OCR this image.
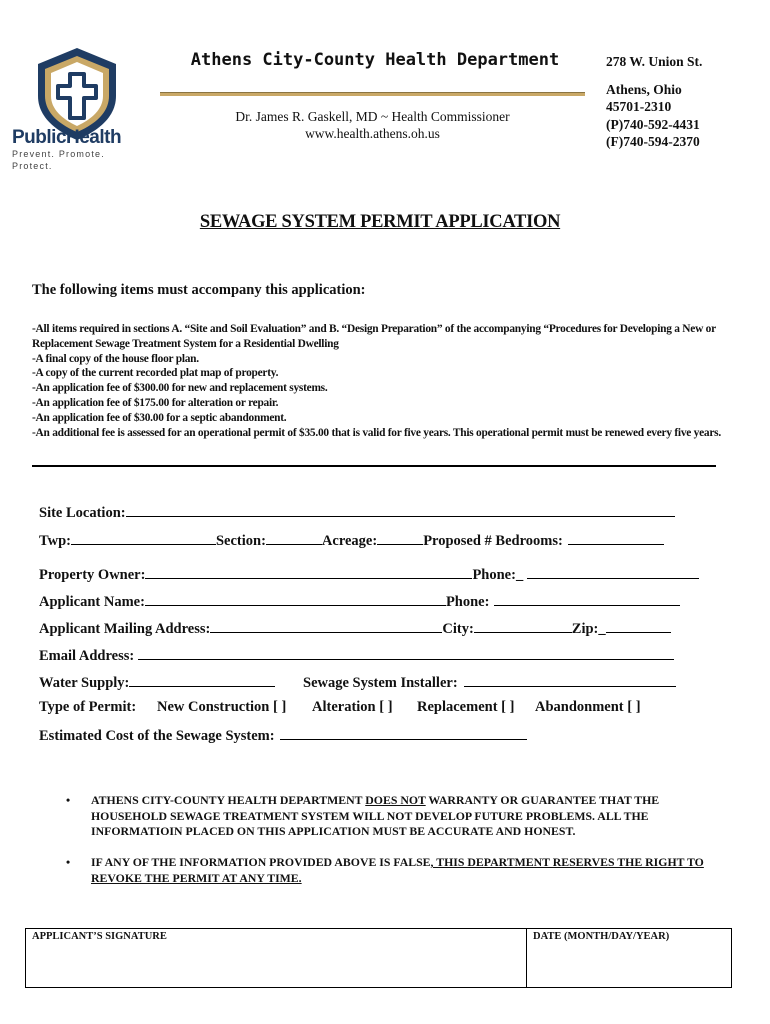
PublicHealth
Prevent. Promote. Protect.
Athens City-County Health Department
Dr. James R. Gaskell, MD ~ Health Commissioner
www.health.athens.oh.us
278 W. Union St.
Athens, Ohio
45701-2310
(P)740-592-4431
(F)740-594-2370
SEWAGE SYSTEM PERMIT APPLICATION
The following items must accompany this application:
-All items required in sections A. “Site and Soil Evaluation” and B. “Design Preparation” of the accompanying “Procedures for Developing a New or Replacement Sewage Treatment System for a Residential Dwelling
-A final copy of the house floor plan.
-A copy of the current recorded plat map of property.
-An application fee of $300.00 for new and replacement systems.
-An application fee of $175.00 for alteration or repair.
-An application fee of $30.00 for a septic abandonment.
-An additional fee is assessed for an operational permit of $35.00 that is valid for five years. This operational permit must be renewed every five years.
Site Location:
Twp:	Section:	Acreage:	Proposed # Bedrooms:
Property Owner:	Phone:_
Applicant Name:	Phone:
Applicant Mailing Address:	City:	Zip:_
Email Address:
Water Supply:	Sewage System Installer:
Type of Permit: New Construction [ ] Alteration [ ] Replacement [ ] Abandonment [ ]
Estimated Cost of the Sewage System:
• ATHENS CITY-COUNTY HEALTH DEPARTMENT DOES NOT WARRANTY OR GUARANTEE THAT THE HOUSEHOLD SEWAGE TREATMENT SYSTEM WILL NOT DEVELOP FUTURE PROBLEMS. ALL THE INFORMATIOIN PLACED ON THIS APPLICATION MUST BE ACCURATE AND HONEST.
• IF ANY OF THE INFORMATION PROVIDED ABOVE IS FALSE, THIS DEPARTMENT RESERVES THE RIGHT TO REVOKE THE PERMIT AT ANY TIME.
APPLICANT’S SIGNATURE	DATE (MONTH/DAY/YEAR)
